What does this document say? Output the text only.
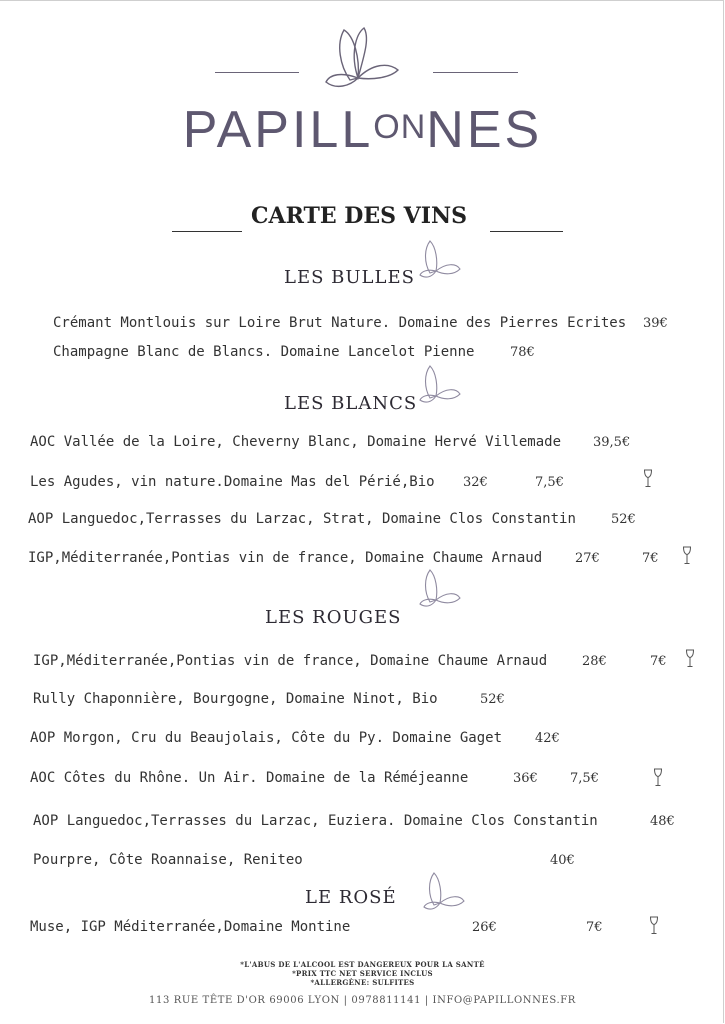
PAPILLONNES
CARTE DES VINS
LES BULLES
Crémant Montlouis sur Loire Brut Nature. Domaine des Pierres Ecrites 39€
Champagne Blanc de Blancs. Domaine Lancelot Pienne	78€
LES BLANCS
AOC Vallée de la Loire, Cheverny Blanc, Domaine Hervé Villemade 39,5€
Les Agudes, vin nature.Domaine Mas del Périé,Bio 32€	7,5€
AOP Languedoc,Terrasses du Larzac, Strat, Domaine Clos Constantin	52€
IGP,Méditerranée,Pontias vin de france, Domaine Chaume Arnaud	27€	7€
LES ROUGES
IGP,Méditerranée,Pontias vin de france, Domaine Chaume Arnaud	28€	7€
Rully Chaponnière, Bourgogne, Domaine Ninot, Bio	52€
AOP Morgon, Cru du Beaujolais, Côte du Py. Domaine Gaget	42€
AOC Côtes du Rhône. Un Air. Domaine de la Réméjeanne	36€ 7,5€
AOP Languedoc,Terrasses du Larzac, Euziera. Domaine Clos Constantin	48€
Pourpre, Côte Roannaise, Reniteo	40€
LE ROSÉ
Muse, IGP Méditerranée,Domaine Montine	26€	7€
*L'ABUS DE L'ALCOOL EST DANGEREUX POUR LA SANTÉ
*PRIX TTC NET SERVICE INCLUS
*ALLERGÈNE: SULFITES
113 RUE TÊTE D'OR 69006 LYON | 0978811141 | INFO@PAPILLONNES.FR
